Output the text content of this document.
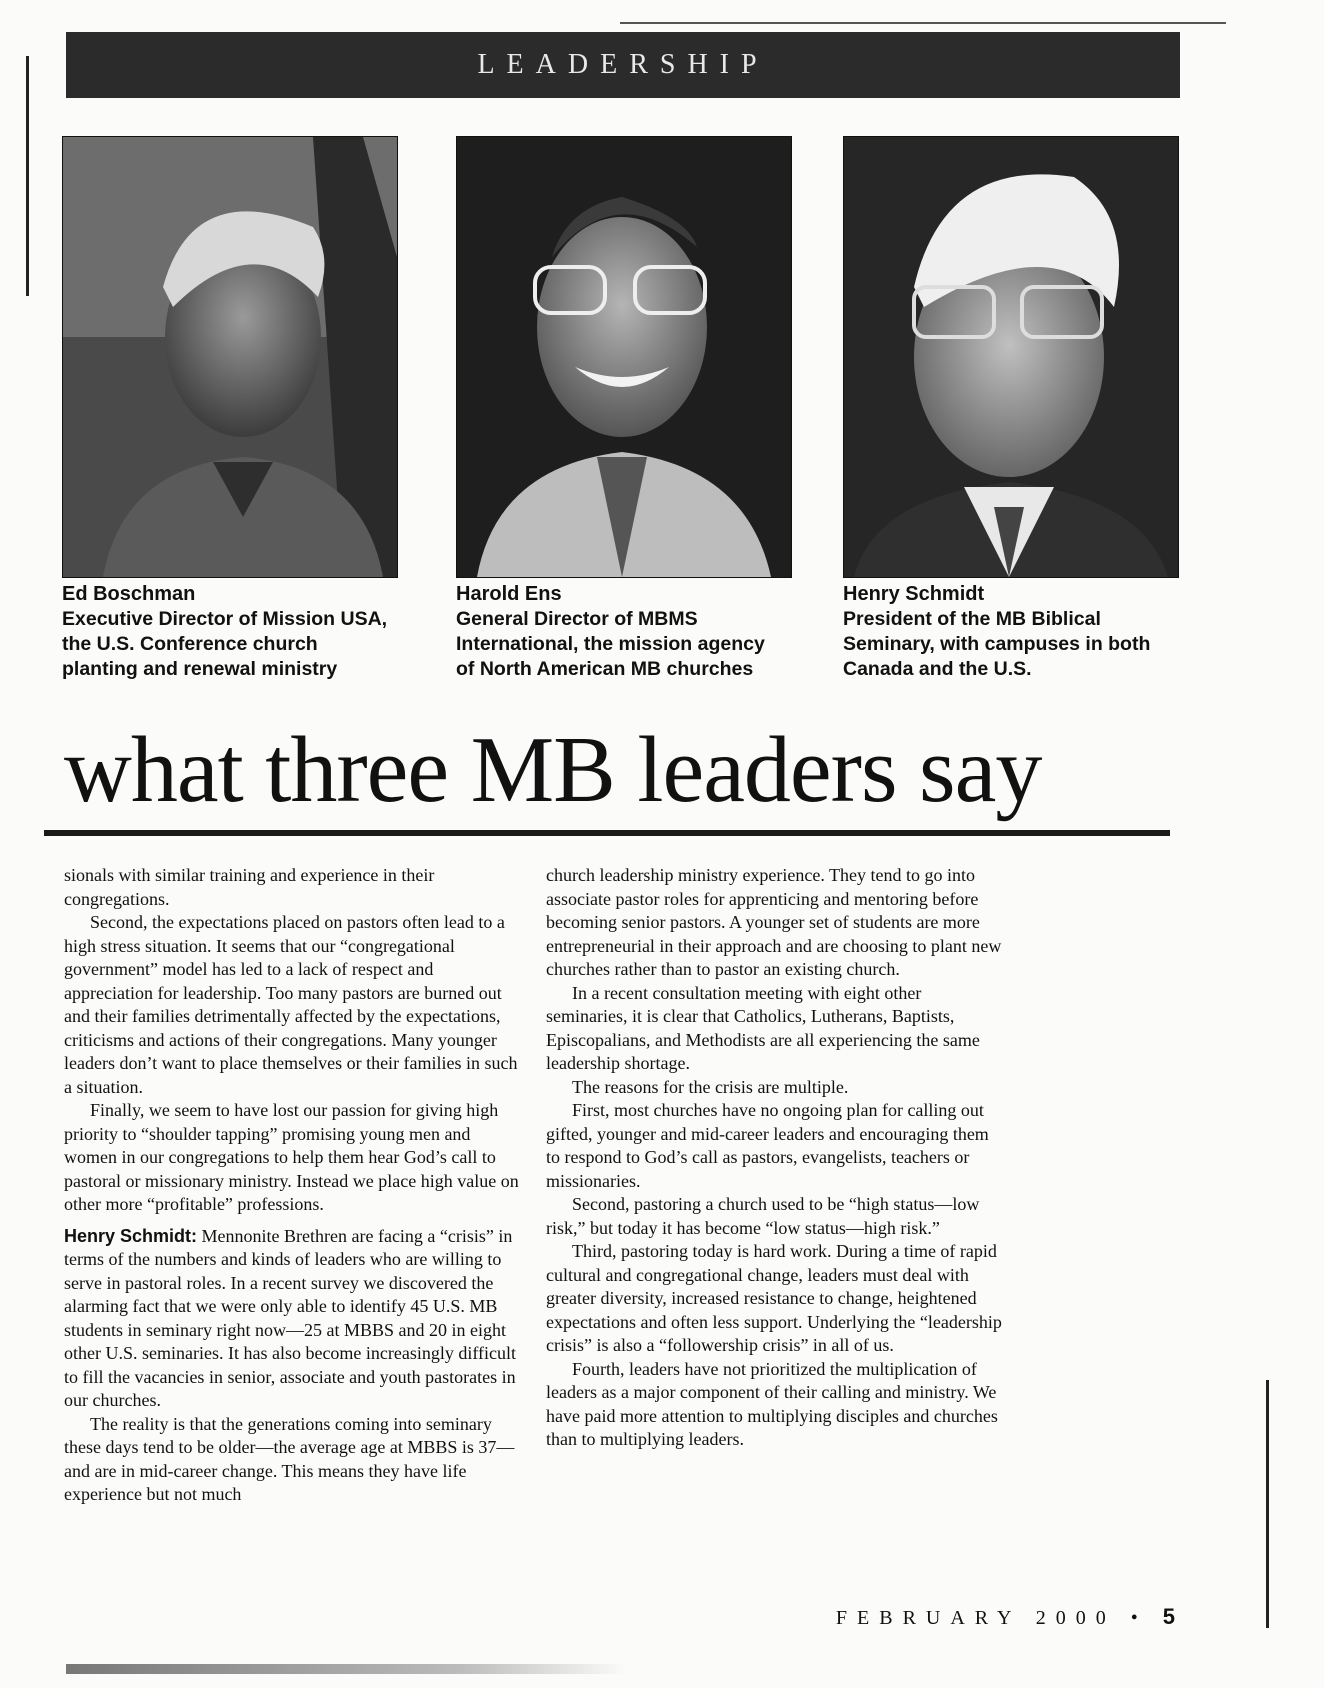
LEADERSHIP
Ed Boschman
Executive Director of Mission USA,
the U.S. Conference church
planting and renewal ministry
Harold Ens
General Director of MBMS
International, the mission agency
of North American MB churches
Henry Schmidt
President of the MB Biblical
Seminary, with campuses in both
Canada and the U.S.
what three MB leaders say

sionals with similar training and experience in their congregations.

Second, the expectations placed on pastors often lead to a high stress situation. It seems that our “congregational government” model has led to a lack of respect and appreciation for leadership. Too many pastors are burned out and their families detrimentally affected by the expectations, criticisms and actions of their congregations. Many younger leaders don’t want to place themselves or their families in such a situation.

Finally, we seem to have lost our passion for giving high priority to “shoulder tapping” promising young men and women in our congregations to help them hear God’s call to pastoral or missionary ministry. Instead we place high value on other more “profitable” professions.

Henry Schmidt: Mennonite Brethren are facing a “crisis” in terms of the numbers and kinds of leaders who are willing to serve in pastoral roles. In a recent survey we discovered the alarming fact that we were only able to identify 45 U.S. MB students in seminary right now—25 at MBBS and 20 in eight other U.S. seminaries. It has also become increasingly difficult to fill the vacancies in senior, associate and youth pastorates in our churches.

The reality is that the generations coming into seminary these days tend to be older—the average age at MBBS is 37—and are in mid-career change. This means they have life experience but not much

church leadership ministry experience. They tend to go into associate pastor roles for apprenticing and mentoring before becoming senior pastors. A younger set of students are more entrepreneurial in their approach and are choosing to plant new churches rather than to pastor an existing church.

In a recent consultation meeting with eight other seminaries, it is clear that Catholics, Lutherans, Baptists, Episcopalians, and Methodists are all experiencing the same leadership shortage.

The reasons for the crisis are multiple.

First, most churches have no ongoing plan for calling out gifted, younger and mid-career leaders and encouraging them to respond to God’s call as pastors, evangelists, teachers or missionaries.

Second, pastoring a church used to be “high status—low risk,” but today it has become “low status—high risk.”

Third, pastoring today is hard work. During a time of rapid cultural and congregational change, leaders must deal with greater diversity, increased resistance to change, heightened expectations and often less support. Underlying the “leadership crisis” is also a “followership crisis” in all of us.

Fourth, leaders have not prioritized the multiplication of leaders as a major component of their calling and ministry. We have paid more attention to multiplying disciples and churches than to multiplying leaders.

FEBRUARY 2000 • 5
